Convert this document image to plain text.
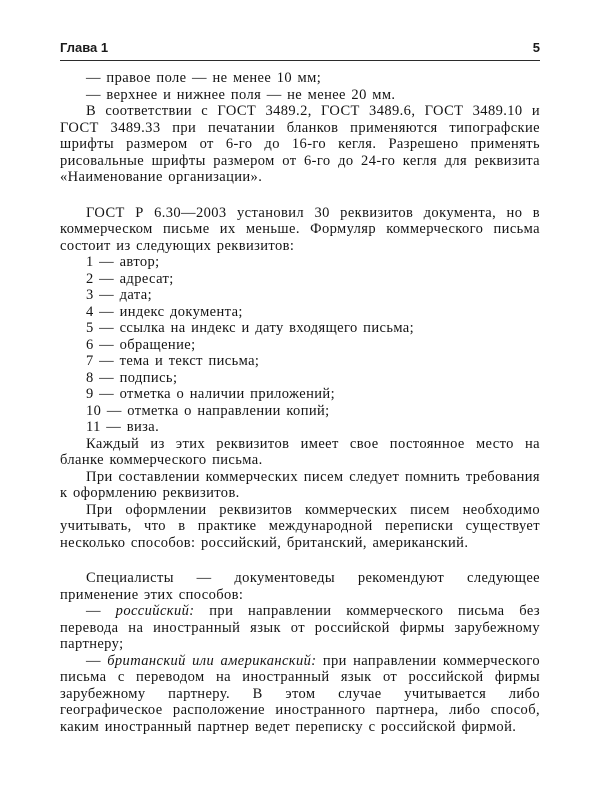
Глава 1	5

— правое поле — не менее 10 мм;

— верхнее и нижнее поля — не менее 20 мм.

В соответствии с ГОСТ 3489.2, ГОСТ 3489.6, ГОСТ 3489.10 и ГОСТ 3489.33 при печатании бланков применяются типографские шрифты размером от 6-го до 16-го кегля. Разрешено применять рисовальные шрифты размером от 6-го до 24-го кегля для реквизита «Наименование организации».

ГОСТ Р 6.30—2003 установил 30 реквизитов документа, но в коммерческом письме их меньше. Формуляр коммерческого письма состоит из следующих реквизитов:

1 — автор;

2 — адресат;

3 — дата;

4 — индекс документа;

5 — ссылка на индекс и дату входящего письма;

6 — обращение;

7 — тема и текст письма;

8 — подпись;

9 — отметка о наличии приложений;

10 — отметка о направлении копий;

11 — виза.

Каждый из этих реквизитов имеет свое постоянное место на бланке коммерческого письма.

При составлении коммерческих писем следует помнить требования к оформлению реквизитов.

При оформлении реквизитов коммерческих писем необходимо учитывать, что в практике международной переписки существует несколько способов: российский, британский, американский.

Специалисты — документоведы рекомендуют следующее применение этих способов:

— российский: при направлении коммерческого письма без перевода на иностранный язык от российской фирмы зарубежному партнеру;

— британский или американский: при направлении коммерческого письма с переводом на иностранный язык от российской фирмы зарубежному партнеру. В этом случае учитывается либо географическое расположение иностранного партнера, либо способ, каким иностранный партнер ведет переписку с российской фирмой.
